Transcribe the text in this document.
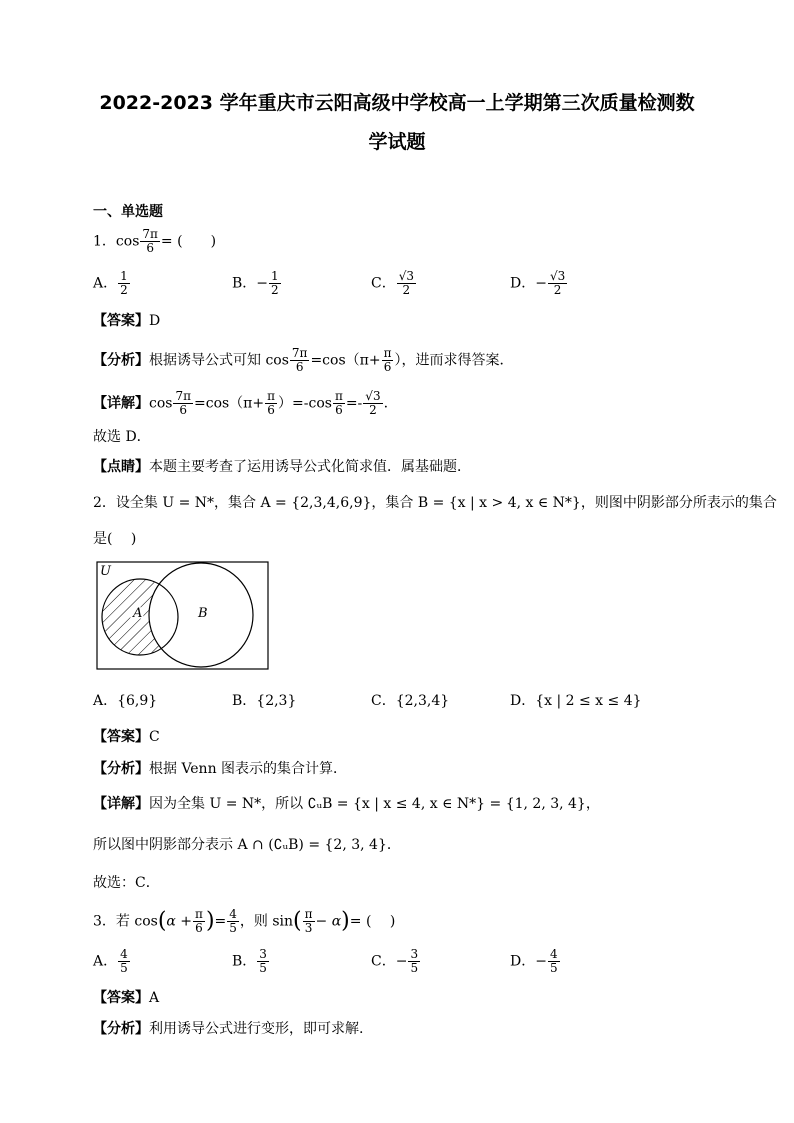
2022-2023 学年重庆市云阳高级中学校高一上学期第三次质量检测数
学试题
一、单选题
1．$\cos \frac{7\pi}{6}$ = (　　)
A． $\frac{1}{2}$	B．− $\frac{1}{2}$	C． $\frac{√3}{2}$	D．− $\frac{√3}{2}$
【答案】D
【分析】根据诱导公式可知 $\cos \frac{7\pi}{6} =\cos(\pi+ \frac{\pi}{6}$ ），进而求得答案．
【详解】$\cos \frac{7\pi}{6} =\cos(\pi+ \frac{\pi}{6} )=-\cos \frac{\pi}{6} =- \frac{√3}{2}$ .
故选 D．
【点睛】本题主要考查了运用诱导公式化简求值．属基础题．
2．设全集 U = N*，集合 A = {2,3,4,6,9}，集合 B = {x | x > 4, x ∈ N*}，则图中阴影部分所表示的集合
是(　 )
U
A	B
A．{6,9}	B．{2,3}	C．{2,3,4}	D．{x | 2 ≤ x ≤ 4}
【答案】C
【分析】根据 Venn 图表示的集合计算．
【详解】因为全集 U = N*，所以 ∁ᵤB = {x | x ≤ 4, x ∈ N*} = {1, 2, 3, 4}，
所以图中阴影部分表示 A ∩ (∁ᵤB) = {2, 3, 4}．
故选：C．
3．若 $\cos(\alpha + \frac{\pi}{6}$ )= $\frac{4}{5}$ ，则 $\sin( \frac{\pi}{3} - \alpha)=$ (　 )
A． $\frac{4}{5}$	B． $\frac{3}{5}$	C．− $\frac{3}{5}$	D．− $\frac{4}{5}$
【答案】A
【分析】利用诱导公式进行变形，即可求解.
